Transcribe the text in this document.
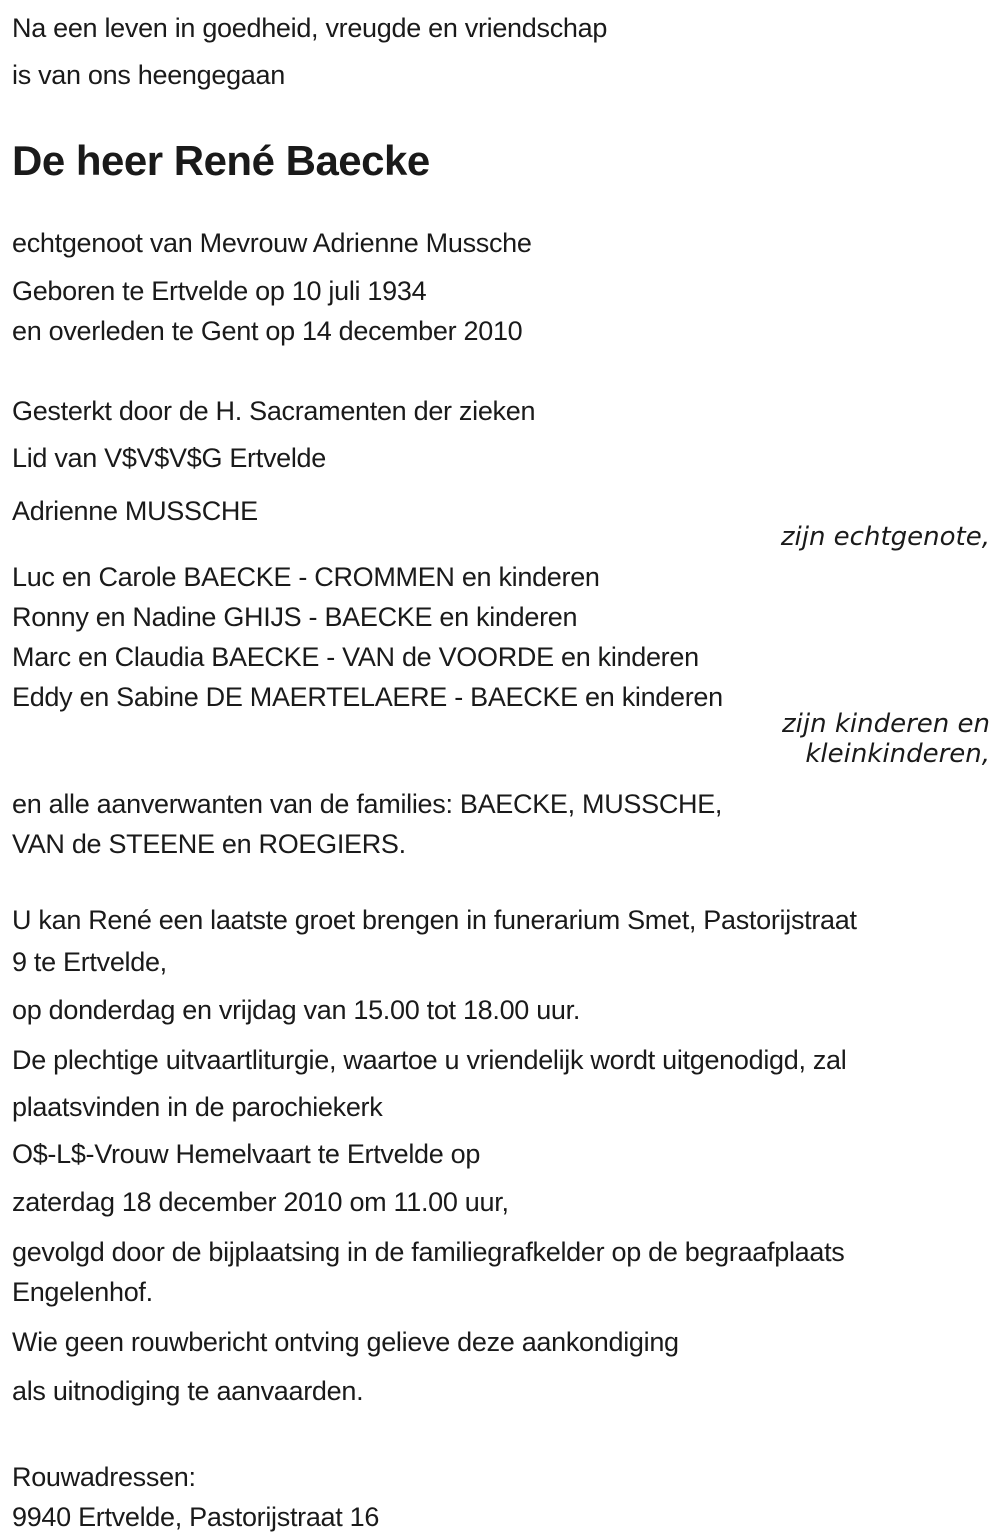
Na een leven in goedheid, vreugde en vriendschap

is van ons heengegaan

De heer René Baecke

echtgenoot van Mevrouw Adrienne Mussche

Geboren te Ertvelde op 10 juli 1934

en overleden te Gent op 14 december 2010

Gesterkt door de H. Sacramenten der zieken

Lid van V$V$V$G Ertvelde

Adrienne MUSSCHE

zijn echtgenote,

Luc en Carole BAECKE - CROMMEN en kinderen

Ronny en Nadine GHIJS - BAECKE en kinderen

Marc en Claudia BAECKE - VAN de VOORDE en kinderen

Eddy en Sabine DE MAERTELAERE - BAECKE en kinderen

zijn kinderen en

kleinkinderen,

en alle aanverwanten van de families: BAECKE, MUSSCHE,

VAN de STEENE en ROEGIERS.

U kan René een laatste groet brengen in funerarium Smet, Pastorijstraat

9 te Ertvelde,

op donderdag en vrijdag van 15.00 tot 18.00 uur.

De plechtige uitvaartliturgie, waartoe u vriendelijk wordt uitgenodigd, zal

plaatsvinden in de parochiekerk

O$-L$-Vrouw Hemelvaart te Ertvelde op

zaterdag 18 december 2010 om 11.00 uur,

gevolgd door de bijplaatsing in de familiegrafkelder op de begraafplaats

Engelenhof.

Wie geen rouwbericht ontving gelieve deze aankondiging

als uitnodiging te aanvaarden.

Rouwadressen:

9940 Ertvelde, Pastorijstraat 16
